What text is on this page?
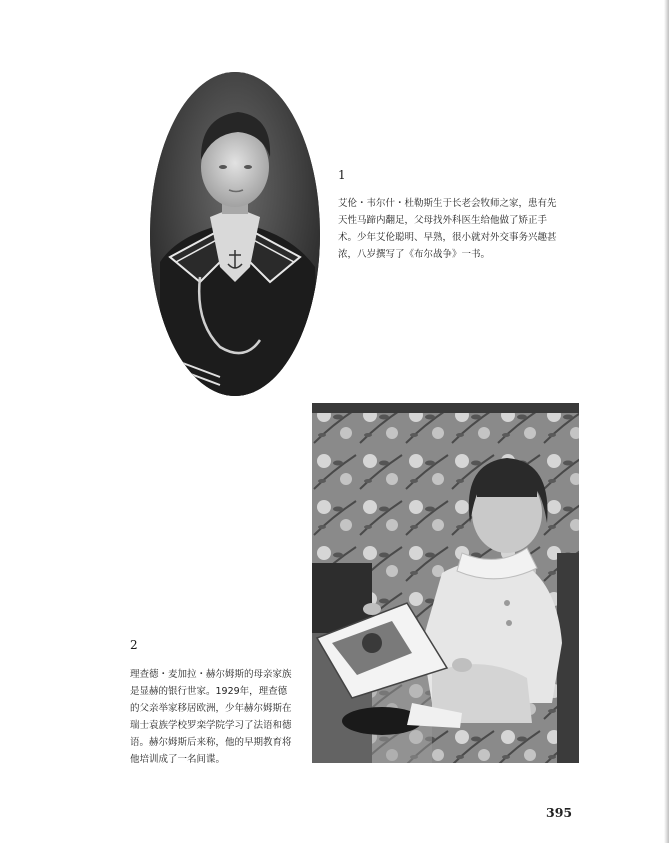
1
艾伦・韦尔什・杜勒斯生于长老会牧师之家，患有先
天性马蹄内翻足，父母找外科医生给他做了矫正手
术。少年艾伦聪明、早熟，很小就对外交事务兴趣甚
浓，八岁撰写了《布尔战争》一书。
2
理查德・麦加拉・赫尔姆斯的母亲家族
是显赫的银行世家。1929年，理查德
的父亲举家移居欧洲，少年赫尔姆斯在
瑞士袁族学校罗栾学院学习了法语和德
语。赫尔姆斯后来称，他的早期教育将
他培训成了一名间谍。
395
